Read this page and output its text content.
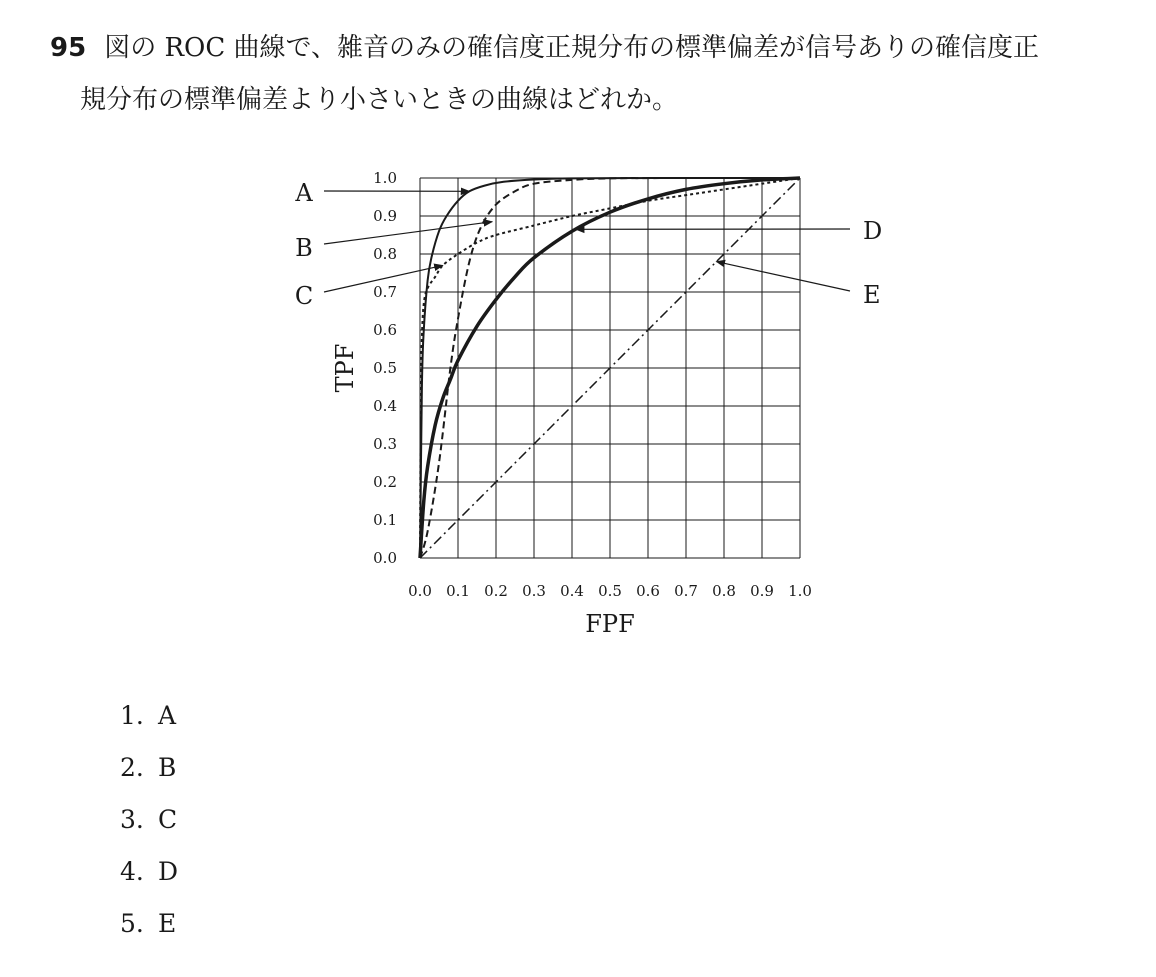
95 図の ROC 曲線で、雑音のみの確信度正規分布の標準偏差が信号ありの確信度正
規分布の標準偏差より小さいときの曲線はどれか。
A
B
C
D
E
0.0 0.1 0.2 0.3 0.4 0.5 0.6 0.7 0.8 0.9 1.0
0.0
0.1
0.2
0.3
0.4
0.5
0.6
0.7
0.8
0.9
1.0
FPF
TPF
1. A
2. B
3. C
4. D
5. E
